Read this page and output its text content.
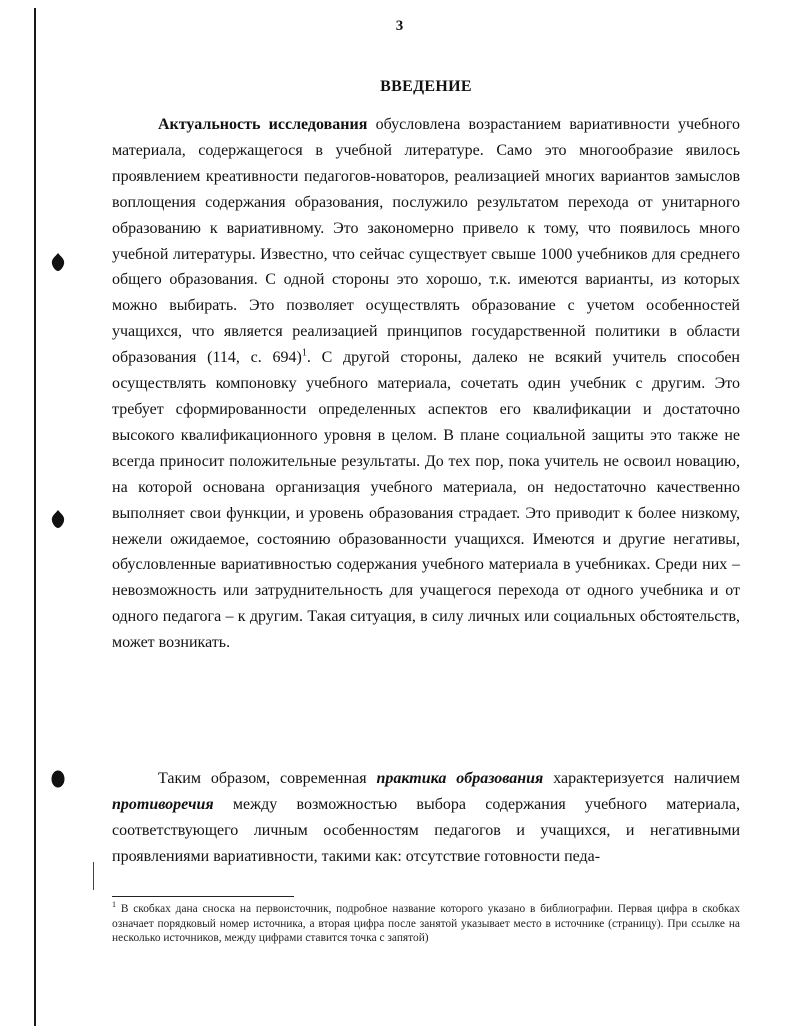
3
ВВЕДЕНИЕ

Актуальность исследования обусловлена возрастанием вариативности учебного материала, содержащегося в учебной литературе. Само это многообразие явилось проявлением креативности педагогов-новаторов, реализацией многих вариантов замыслов воплощения содержания образования, послужило результатом перехода от унитарного образованию к вариативному. Это закономерно привело к тому, что появилось много учебной литературы. Известно, что сейчас существует свыше 1000 учебников для среднего общего образования. С одной стороны это хорошо, т.к. имеются варианты, из которых можно выбирать. Это позволяет осуществлять образование с учетом особенностей учащихся, что является реализацией принципов государственной политики в области образования (114, с. 694)$^1$. С другой стороны, далеко не всякий учитель способен осуществлять компоновку учебного материала, сочетать один учебник с другим. Это требует сформированности определенных аспектов его квалификации и достаточно высокого квалификационного уровня в целом. В плане социальной защиты это также не всегда приносит положительные результаты. До тех пор, пока учитель не освоил новацию, на которой основана организация учебного материала, он недостаточно качественно выполняет свои функции, и уровень образования страдает. Это приводит к более низкому, нежели ожидаемое, состоянию образованности учащихся. Имеются и другие негативы, обусловленные вариативностью содержания учебного материала в учебниках. Среди них – невозможность или затруднительность для учащегося перехода от одного учебника и от одного педагога – к другим. Такая ситуация, в силу личных или социальных обстоятельств, может возникать.

Таким образом, современная практика образования характеризуется наличием противоречия между возможностью выбора содержания учебного материала, соответствующего личным особенностям педагогов и учащихся, и негативными проявлениями вариативности, такими как: отсутствие готовности педа-

$^1$ В скобках дана сноска на первоисточник, подробное название которого указано в библиографии. Первая цифра в скобках означает порядковый номер источника, а вторая цифра после занятой указывает место в источнике (страницу). При ссылке на несколько источников, между цифрами ставится точка с запятой)
